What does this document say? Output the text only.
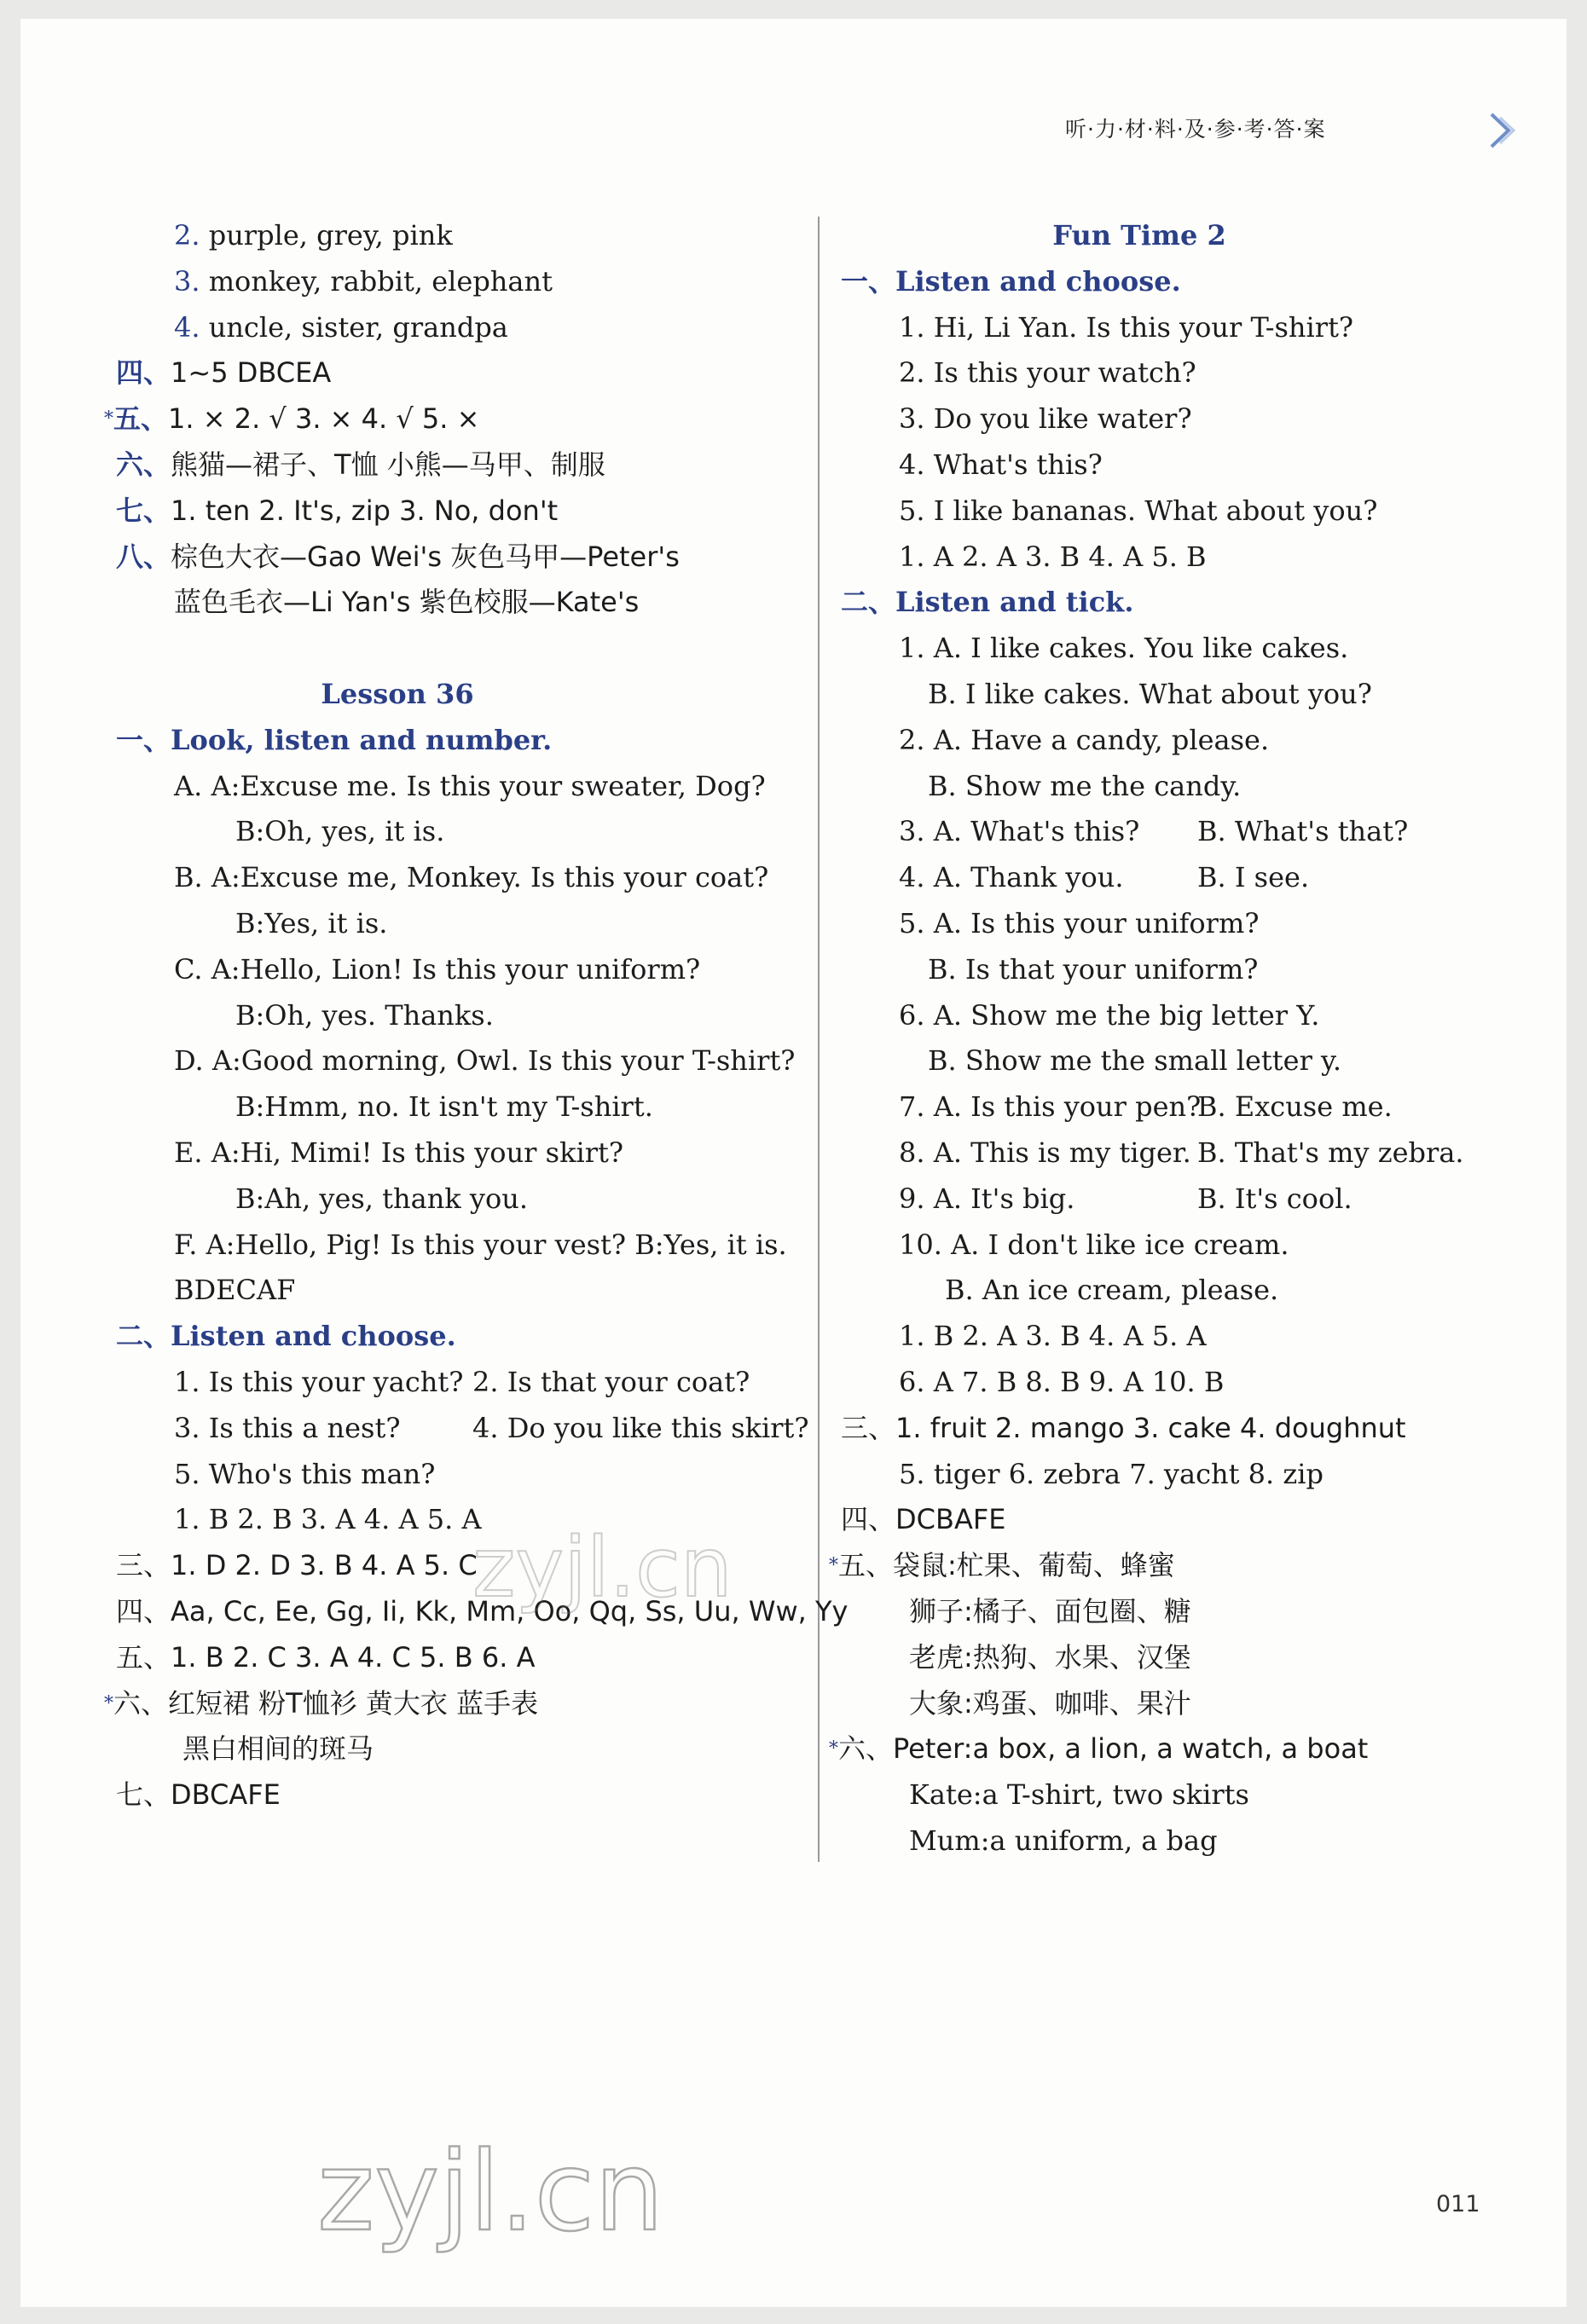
听·力·材·料·及·参·考·答·案
2. purple, grey, pink
3. monkey, rabbit, elephant
4. uncle, sister, grandpa
四、1~5 DBCEA
*五、1. × 2. √ 3. × 4. √ 5. ×
六、熊猫—裙子、T恤 小熊—马甲、制服
七、1. ten 2. It's, zip 3. No, don't
八、棕色大衣—Gao Wei's 灰色马甲—Peter's
蓝色毛衣—Li Yan's 紫色校服—Kate's
Lesson 36
一、Look, listen and number.
A. A:Excuse me. Is this your sweater, Dog?
B:Oh, yes, it is.
B. A:Excuse me, Monkey. Is this your coat?
B:Yes, it is.
C. A:Hello, Lion! Is this your uniform?
B:Oh, yes. Thanks.
D. A:Good morning, Owl. Is this your T-shirt?
B:Hmm, no. It isn't my T-shirt.
E. A:Hi, Mimi! Is this your skirt?
B:Ah, yes, thank you.
F. A:Hello, Pig! Is this your vest? B:Yes, it is.
BDECAF
二、Listen and choose.
1. Is this your yacht? 2. Is that your coat?
3. Is this a nest?	4. Do you like this skirt?
5. Who's this man?
1. B 2. B 3. A 4. A 5. A
三、1. D 2. D 3. B 4. A 5. C
四、Aa, Cc, Ee, Gg, Ii, Kk, Mm, Oo, Qq, Ss, Uu, Ww, Yy
五、1. B 2. C 3. A 4. C 5. B 6. A
*六、红短裙 粉T恤衫 黄大衣 蓝手表
黑白相间的斑马
七、DBCAFE
Fun Time 2
一、Listen and choose.
1. Hi, Li Yan. Is this your T-shirt?
2. Is this your watch?
3. Do you like water?
4. What's this?
5. I like bananas. What about you?
1. A 2. A 3. B 4. A 5. B
二、Listen and tick.
1. A. I like cakes. You like cakes.
B. I like cakes. What about you?
2. A. Have a candy, please.
B. Show me the candy.
3. A. What's this? B. What's that?
4. A. Thank you.	B. I see.
5. A. Is this your uniform?
B. Is that your uniform?
6. A. Show me the big letter Y.
B. Show me the small letter y.
7. A. Is this your pen?B. Excuse me.
8. A. This is my tiger. B. That's my zebra.
9. A. It's big.	B. It's cool.
10. A. I don't like ice cream.
B. An ice cream, please.
1. B 2. A 3. B 4. A 5. A
6. A 7. B 8. B 9. A 10. B
三、1. fruit 2. mango 3. cake 4. doughnut
5. tiger 6. zebra 7. yacht 8. zip
四、DCBAFE
*五、袋鼠:杧果、葡萄、蜂蜜
狮子:橘子、面包圈、糖
老虎:热狗、水果、汉堡
大象:鸡蛋、咖啡、果汁
*六、Peter:a box, a lion, a watch, a boat
Kate:a T-shirt, two skirts
Mum:a uniform, a bag
zyjl.cn
zyjl.cn	011
